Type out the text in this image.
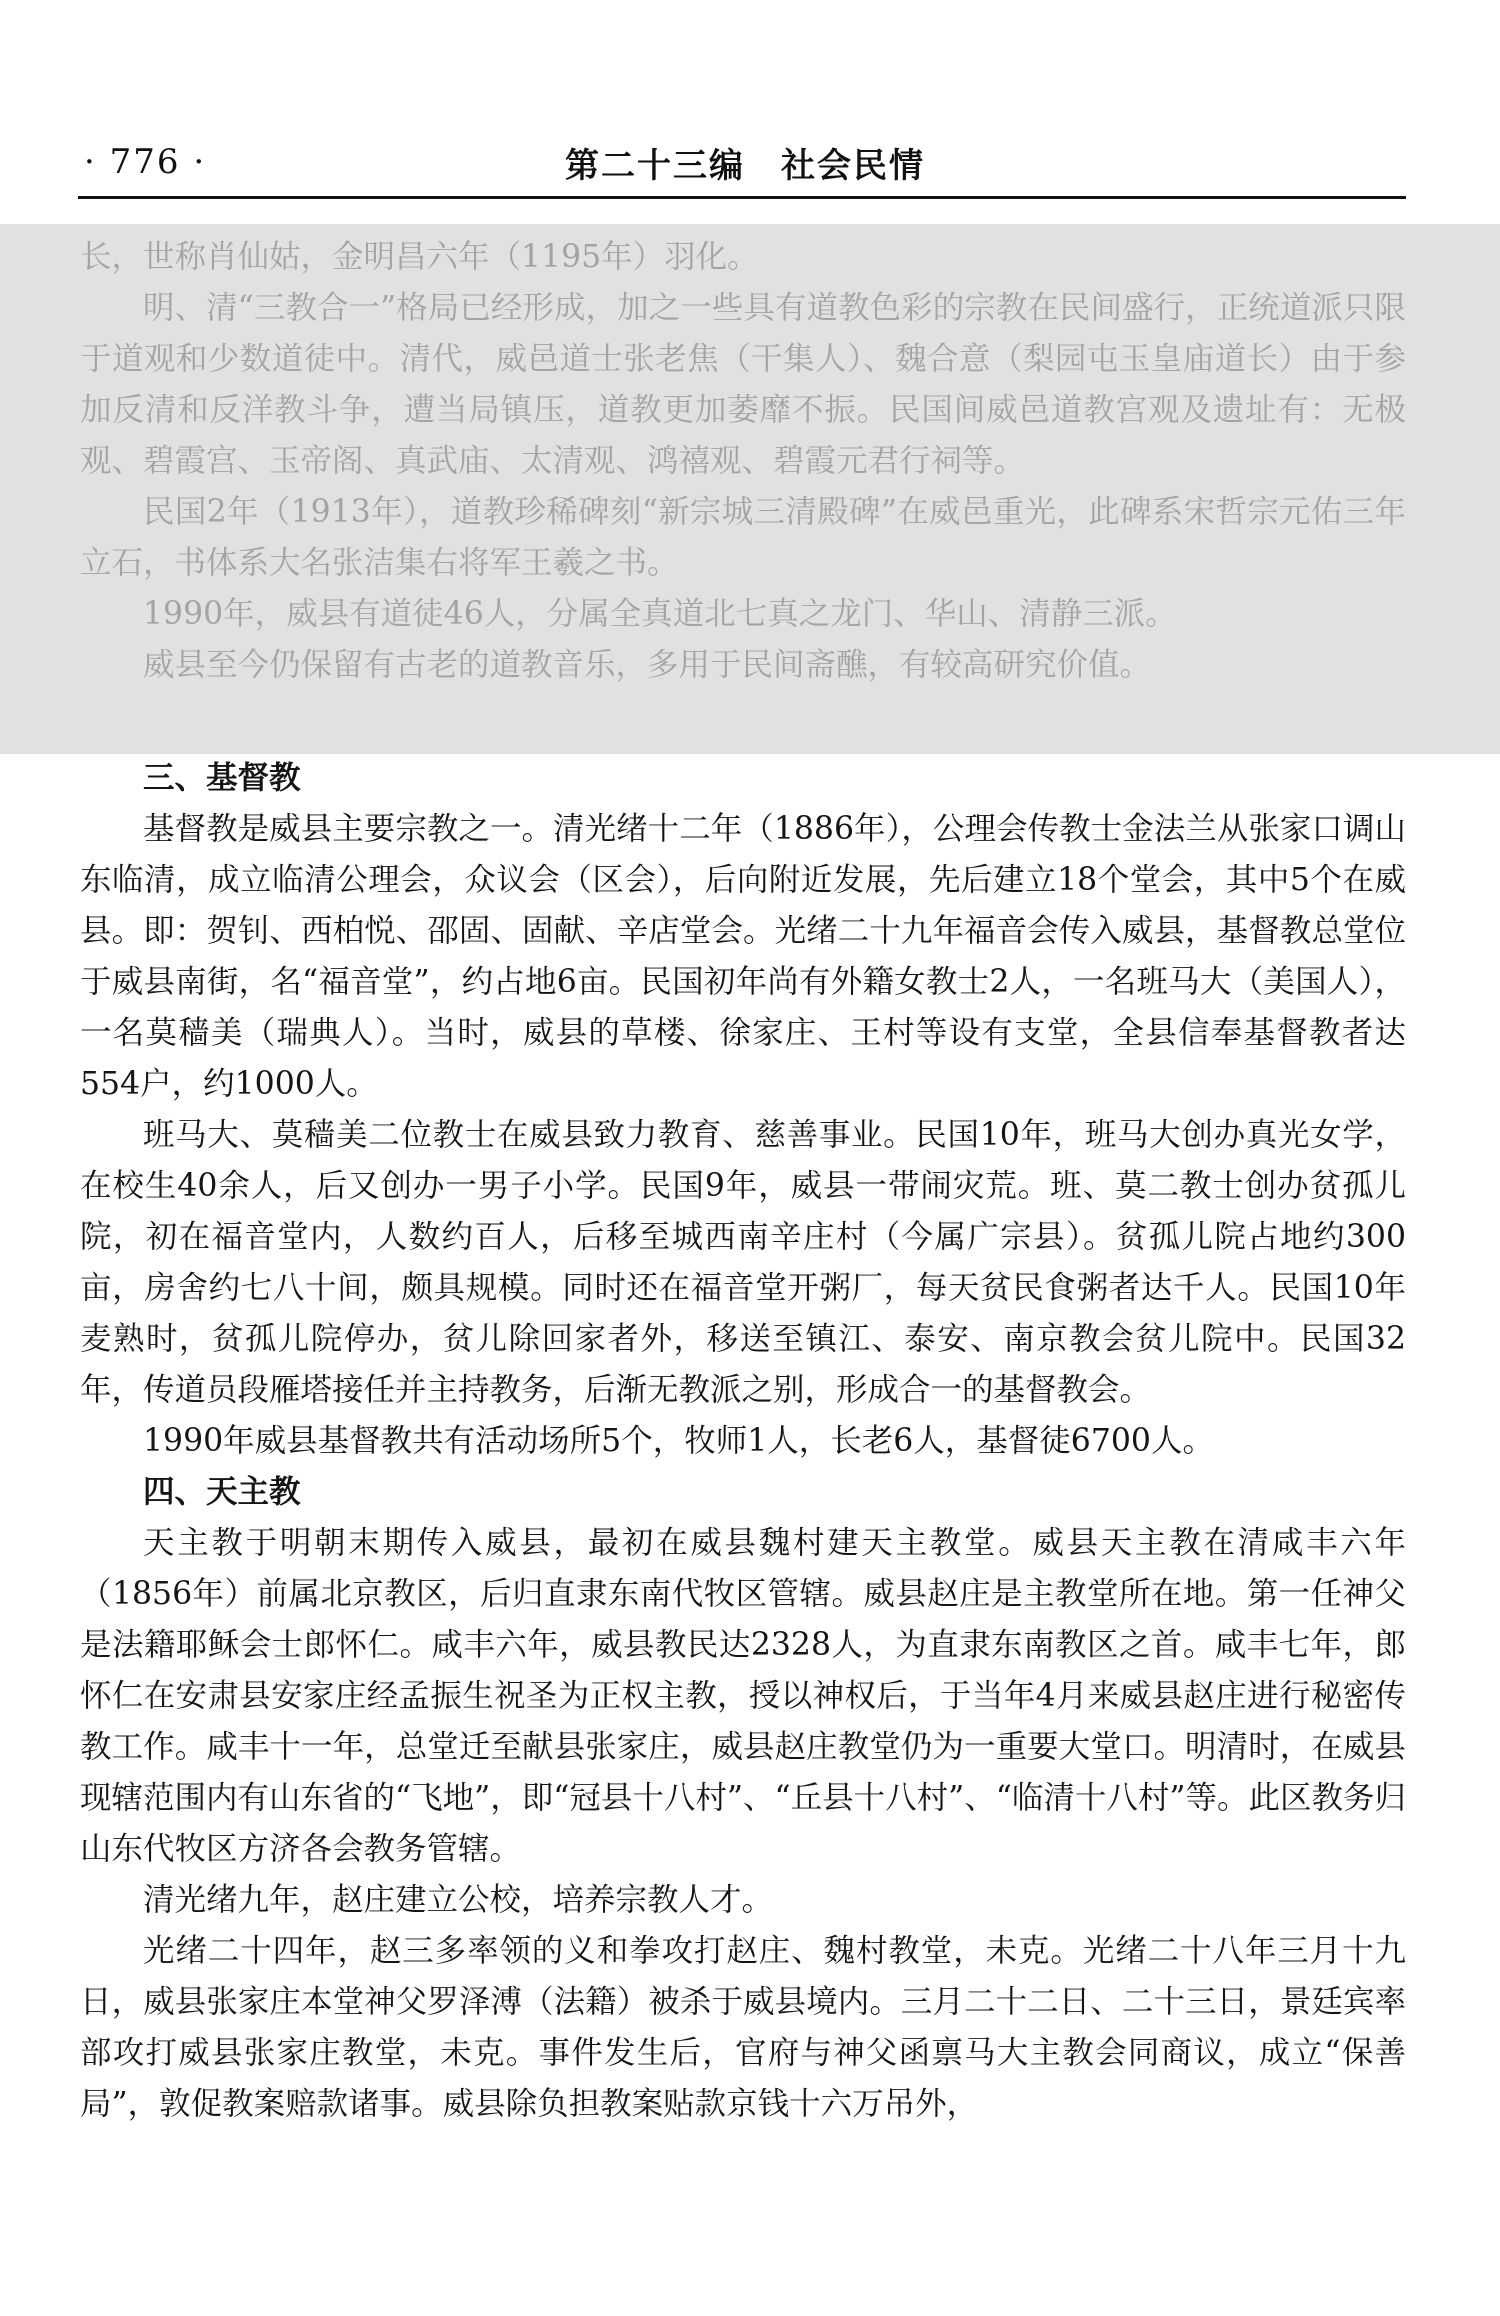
· 776 ·	第二十三编　社会民情

长，世称肖仙姑，金明昌六年（1195年）羽化。

明、清“三教合一”格局已经形成，加之一些具有道教色彩的宗教在民间盛行，正统道派只限于道观和少数道徒中。清代，威邑道士张老焦（干集人）、魏合意（梨园屯玉皇庙道长）由于参加反清和反洋教斗争，遭当局镇压，道教更加萎靡不振。民国间威邑道教宫观及遗址有：无极观、碧霞宫、玉帝阁、真武庙、太清观、鸿禧观、碧霞元君行祠等。

民国2年（1913年），道教珍稀碑刻“新宗城三清殿碑”在威邑重光，此碑系宋哲宗元佑三年立石，书体系大名张洁集右将军王羲之书。

1990年，威县有道徒46人，分属全真道北七真之龙门、华山、清静三派。

威县至今仍保留有古老的道教音乐，多用于民间斋醮，有较高研究价值。

三、基督教

基督教是威县主要宗教之一。清光绪十二年（1886年），公理会传教士金法兰从张家口调山东临清，成立临清公理会，众议会（区会），后向附近发展，先后建立18个堂会，其中5个在威县。即：贺钊、西柏悦、邵固、固献、辛店堂会。光绪二十九年福音会传入威县，基督教总堂位于威县南街，名“福音堂”，约占地6亩。民国初年尚有外籍女教士2人，一名班马大（美国人），一名莫穑美（瑞典人）。当时，威县的草楼、徐家庄、王村等设有支堂，全县信奉基督教者达554户，约1000人。

班马大、莫穑美二位教士在威县致力教育、慈善事业。民国10年，班马大创办真光女学，在校生40余人，后又创办一男子小学。民国9年，威县一带闹灾荒。班、莫二教士创办贫孤儿院，初在福音堂内，人数约百人，后移至城西南辛庄村（今属广宗县）。贫孤儿院占地约300亩，房舍约七八十间，颇具规模。同时还在福音堂开粥厂，每天贫民食粥者达千人。民国10年麦熟时，贫孤儿院停办，贫儿除回家者外，移送至镇江、泰安、南京教会贫儿院中。民国32年，传道员段雁塔接任并主持教务，后渐无教派之别，形成合一的基督教会。

1990年威县基督教共有活动场所5个，牧师1人，长老6人，基督徒6700人。

四、天主教

天主教于明朝末期传入威县，最初在威县魏村建天主教堂。威县天主教在清咸丰六年（1856年）前属北京教区，后归直隶东南代牧区管辖。威县赵庄是主教堂所在地。第一任神父是法籍耶稣会士郎怀仁。咸丰六年，威县教民达2328人，为直隶东南教区之首。咸丰七年，郎怀仁在安肃县安家庄经孟振生祝圣为正权主教，授以神权后，于当年4月来威县赵庄进行秘密传教工作。咸丰十一年，总堂迁至献县张家庄，威县赵庄教堂仍为一重要大堂口。明清时，在威县现辖范围内有山东省的“飞地”，即“冠县十八村”、“丘县十八村”、“临清十八村”等。此区教务归山东代牧区方济各会教务管辖。

清光绪九年，赵庄建立公校，培养宗教人才。

光绪二十四年，赵三多率领的义和拳攻打赵庄、魏村教堂，未克。光绪二十八年三月十九日，威县张家庄本堂神父罗泽溥（法籍）被杀于威县境内。三月二十二日、二十三日，景廷宾率部攻打威县张家庄教堂，未克。事件发生后，官府与神父函禀马大主教会同商议，成立“保善局”，敦促教案赔款诸事。威县除负担教案贴款京钱十六万吊外，
